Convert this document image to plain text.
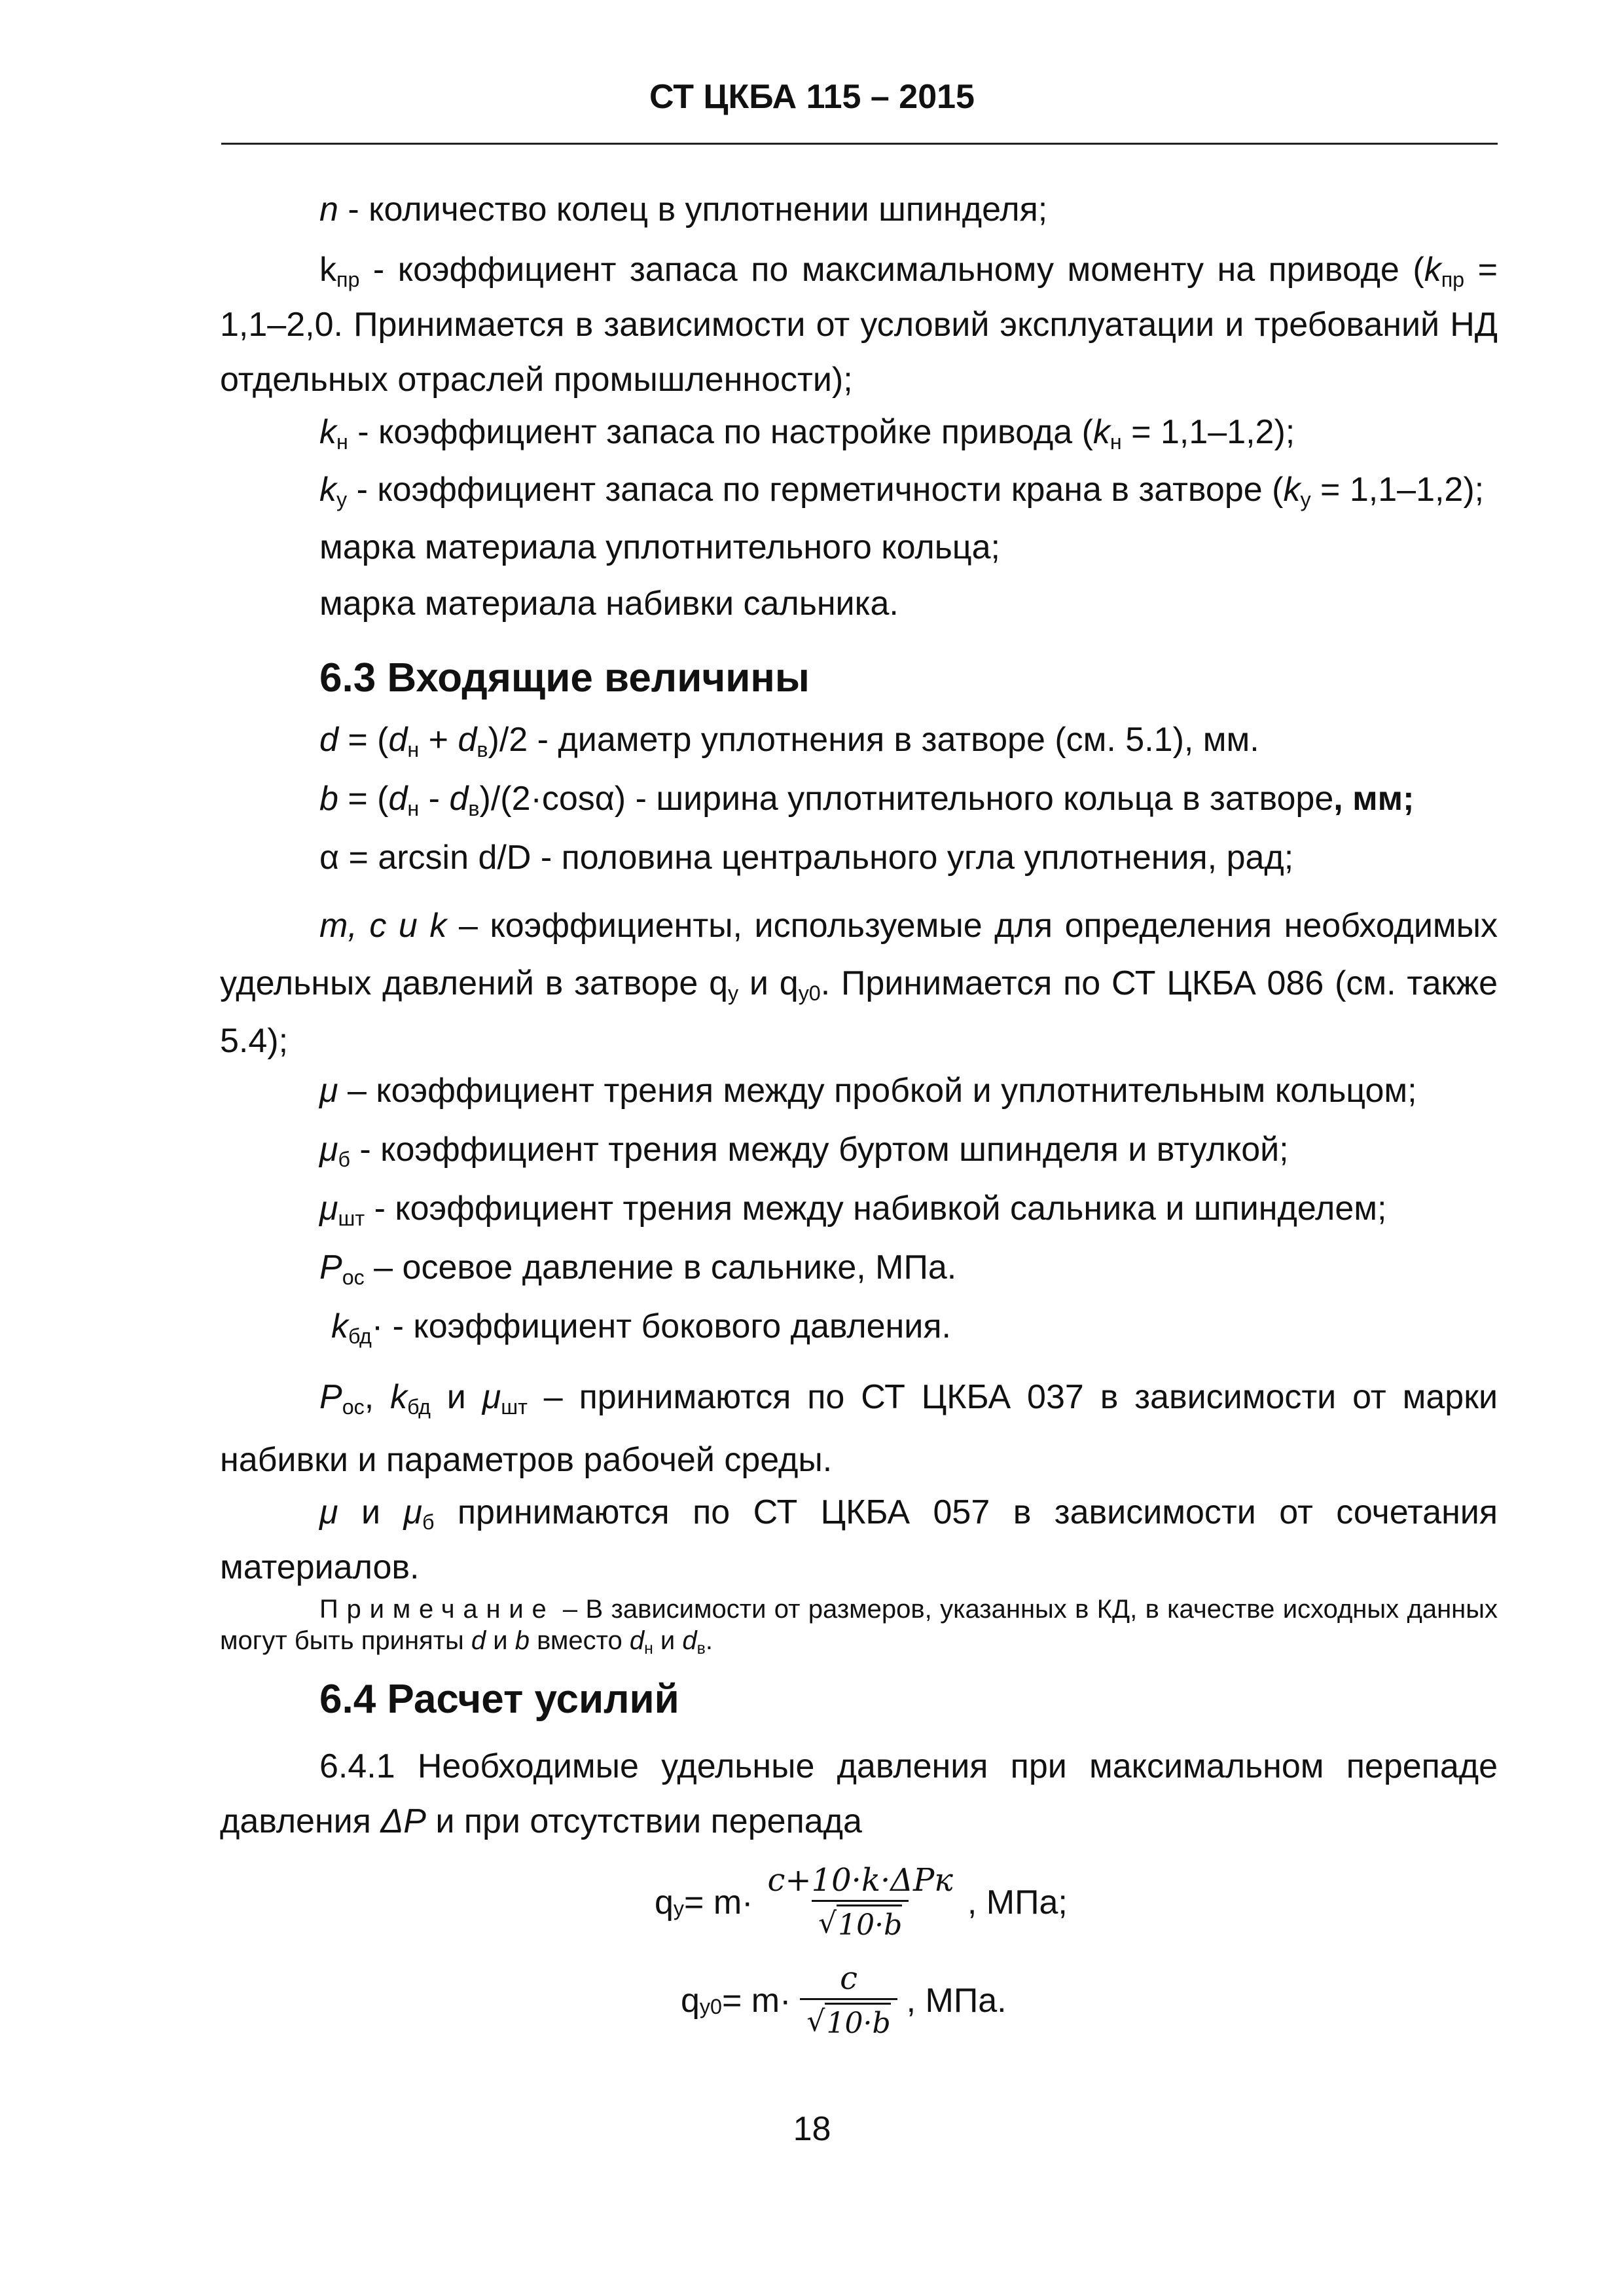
СТ ЦКБА 115 – 2015
n - количество колец в уплотнении шпинделя;
kпр - коэффициент запаса по максимальному моменту на приводе (kпр = 1,1–2,0. Принимается в зависимости от условий эксплуатации и требований НД отдельных отраслей промышленности);
kн - коэффициент запаса по настройке привода (kн = 1,1–1,2);
kу - коэффициент запаса по герметичности крана в затворе (kу = 1,1–1,2);
марка материала уплотнительного кольца;
марка материала набивки сальника.
6.3 Входящие величины
d = (dн + dв)/2 - диаметр уплотнения в затворе (см. 5.1), мм.
b = (dн - dв)/(2·cosα) - ширина уплотнительного кольца в затворе, мм;
α = arcsin d/D - половина центрального угла уплотнения, рад;
m, c и k – коэффициенты, используемые для определения необходимых удельных давлений в затворе qу и qу0. Принимается по СТ ЦКБА 086 (см. также 5.4);
μ – коэффициент трения между пробкой и уплотнительным кольцом;
μб - коэффициент трения между буртом шпинделя и втулкой;
μшт - коэффициент трения между набивкой сальника и шпинделем;
Pос – осевое давление в сальнике, МПа.
kбд· - коэффициент бокового давления.
Pос, kбд и μшт – принимаются по СТ ЦКБА 037 в зависимости от марки набивки и параметров рабочей среды.
μ и μб принимаются по СТ ЦКБА 057 в зависимости от сочетания материалов.
Примечание – В зависимости от размеров, указанных в КД, в качестве исходных данных могут быть приняты d и b вместо dн и dв.
6.4 Расчет усилий
6.4.1 Необходимые удельные давления при максимальном перепаде давления ΔP и при отсутствии перепада
q $у = m\cdot \frac{\text{c+10·k·ΔPк}}{√ 10\cdot b}$ , МПа;
q $у0 = m\cdot \frac{c}{√ 10\cdot b}$ , МПа.
18
